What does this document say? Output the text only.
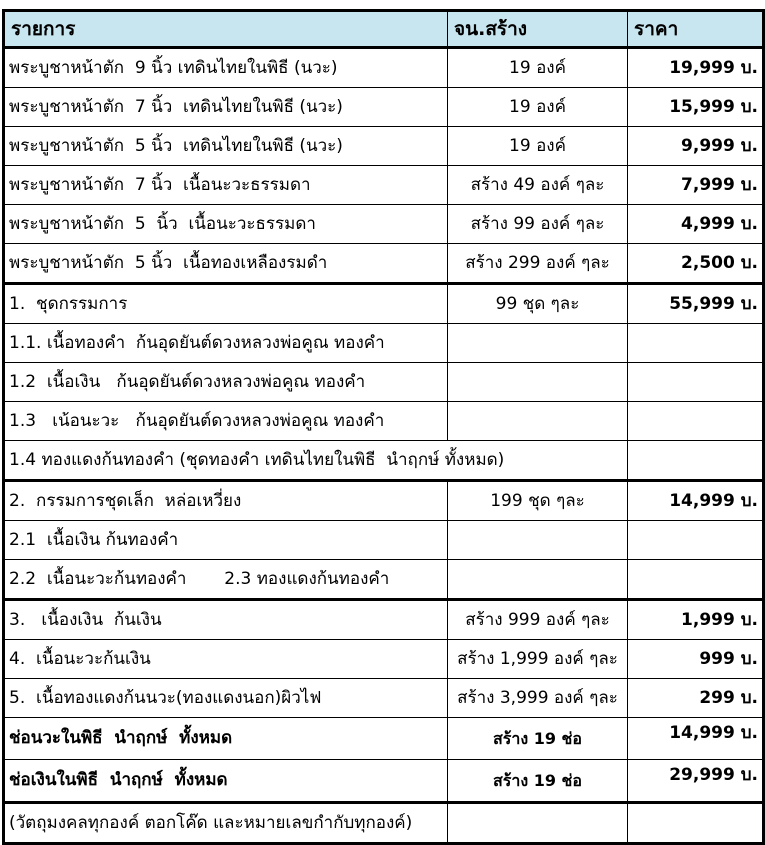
รายการ	จน.สร้าง	ราคา
พระบูชาหน้าตัก  9 นิ้ว เทดินไทยในพิธี (นวะ)	19 องค์	19,999 บ.
พระบูชาหน้าตัก  7 นิ้ว  เทดินไทยในพิธี (นวะ)	19 องค์	15,999 บ.
พระบูชาหน้าตัก  5 นิ้ว  เทดินไทยในพิธี (นวะ)	19 องค์	9,999 บ.
พระบูชาหน้าตัก  7 นิ้ว  เนื้อนะวะธรรมดา	สร้าง 49 องค์ ๆละ	7,999 บ.
พระบูชาหน้าตัก  5  นิ้ว  เนื้อนะวะธรรมดา	สร้าง 99 องค์ ๆละ	4,999 บ.
พระบูชาหน้าตัก  5 นิ้ว  เนื้อทองเหลืองรมดำ	สร้าง 299 องค์ ๆละ	2,500 บ.
1.  ชุดกรรมการ	99 ชุด ๆละ	55,999 บ.
1.1. เนื้อทองคำ  ก้นอุดยันต์ดวงหลวงพ่อคูณ ทองคำ		
1.2  เนื้อเงิน   ก้นอุดยันต์ดวงหลวงพ่อคูณ ทองคำ		
1.3   เน้อนะวะ   ก้นอุดยันต์ดวงหลวงพ่อคูณ ทองคำ		
1.4 ทองแดงก้นทองคำ (ชุดทองคำ เทดินไทยในพิธี  นำฤกษ์ ทั้งหมด)		
2.  กรรมการชุดเล็ก  หล่อเหวี่ยง	199 ชุด ๆละ	14,999 บ.
2.1  เนื้อเงิน ก้นทองคำ		
2.2  เนื้อนะวะก้นทองคำ       2.3 ทองแดงก้นทองคำ		
3.   เนื้องเงิน  ก้นเงิน	สร้าง 999 องค์ ๆละ	1,999 บ.
4.  เนื้อนะวะก้นเงิน	สร้าง 1,999 องค์ ๆละ	999 บ.
5.  เนื้อทองแดงก้นนวะ(ทองแดงนอก)ผิวไฟ	สร้าง 3,999 องค์ ๆละ	299 บ.
ช่อนวะในพิธี  นำฤกษ์  ทั้งหมด	สร้าง 19 ช่อ	14,999 บ.
ช่อเงินในพิธี  นำฤกษ์  ทั้งหมด	สร้าง 19 ช่อ	29,999 บ.
(วัตถุมงคลทุกองค์ ตอกโค๊ด และหมายเลขกำกับทุกองค์)		
